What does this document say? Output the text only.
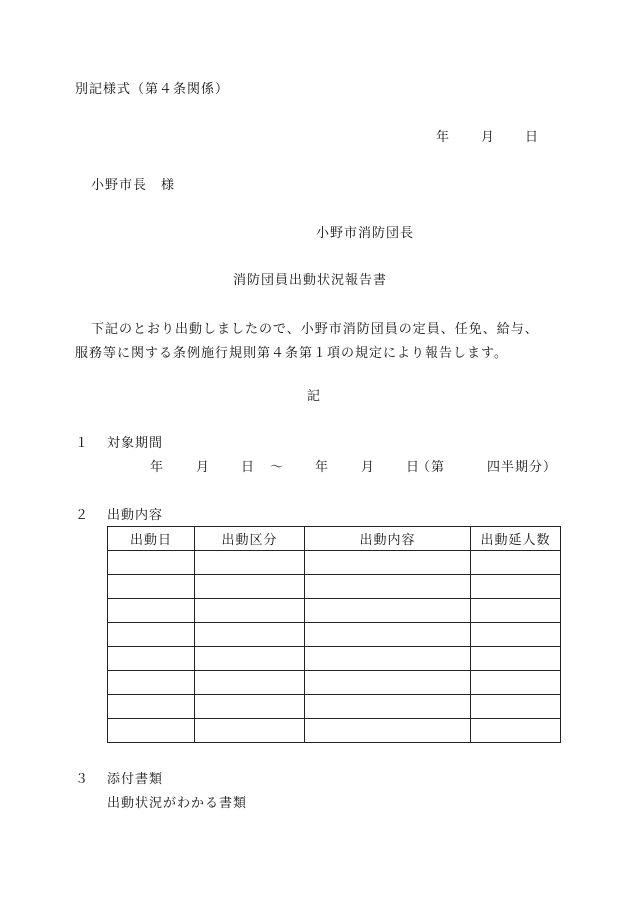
別記様式（第４条関係）
年 月 日
小野市長　様
小野市消防団長
消防団員出動状況報告書
下記のとおり出動しましたので、小野市消防団員の定員、任免、給与、
服務等に関する条例施行規則第４条第１項の規定により報告します。
記
１ 対象期間
年 月 日 ～ 年 月 日
（第　　　四半期分）
２ 出動内容
出動日	出動区分	出動内容	出動延人数

３ 添付書類
出動状況がわかる書類
